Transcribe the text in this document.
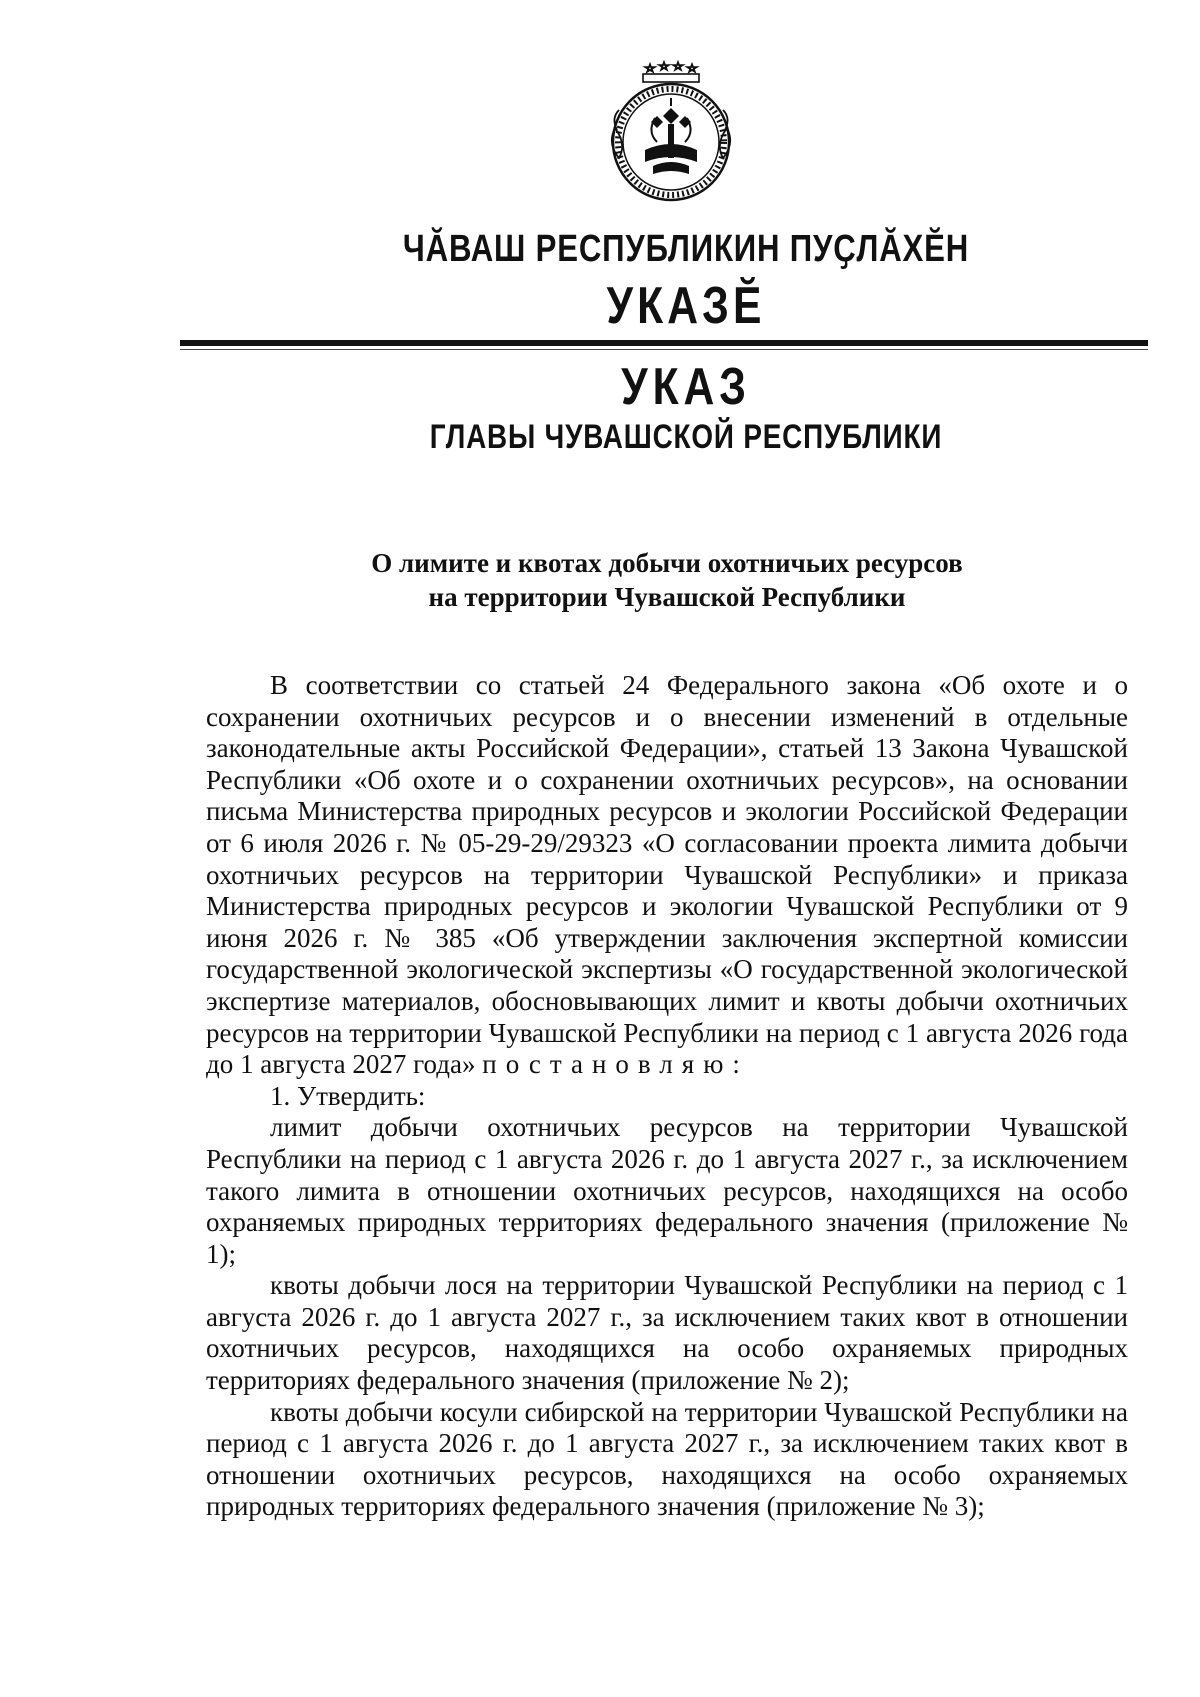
ЧӐВАШ РЕСПУБЛИКИН ПУҪЛӐХӖН
УКАЗӖ
УКАЗ
ГЛАВЫ ЧУВАШСКОЙ РЕСПУБЛИКИ
О лимите и квотах добычи охотничьих ресурсов
на территории Чувашской Республики

В соответствии со статьей 24 Федерального закона «Об охоте и о сохранении охотничьих ресурсов и о внесении изменений в отдельные законодательные акты Российской Федерации», статьей 13 Закона Чувашской Республики «Об охоте и о сохранении охотничьих ресурсов», на основании письма Министерства природных ресурсов и экологии Российской Федерации от 6 июля 2026 г. № 05-29-29/29323 «О согласовании проекта лимита добычи охотничьих ресурсов на территории Чувашской Республики» и приказа Министерства природных ресурсов и экологии Чувашской Республики от 9 июня 2026 г. № 385 «Об утверждении заключения экспертной комиссии государственной экологической экспертизы «О государственной экологической экспертизе материалов, обосновывающих лимит и квоты добычи охотничьих ресурсов на территории Чувашской Республики на период с 1 августа 2026 года до 1 августа 2027 года» постановляю:

1. Утвердить:

лимит добычи охотничьих ресурсов на территории Чувашской Республики на период с 1 августа 2026 г. до 1 августа 2027 г., за исключением такого лимита в отношении охотничьих ресурсов, находящихся на особо охраняемых природных территориях федерального значения (приложение № 1);

квоты добычи лося на территории Чувашской Республики на период с 1 августа 2026 г. до 1 августа 2027 г., за исключением таких квот в отношении охотничьих ресурсов, находящихся на особо охраняемых природных территориях федерального значения (приложение № 2);

квоты добычи косули сибирской на территории Чувашской Республики на период с 1 августа 2026 г. до 1 августа 2027 г., за исключением таких квот в отношении охотничьих ресурсов, находящихся на особо охраняемых природных территориях федерального значения (приложение № 3);
